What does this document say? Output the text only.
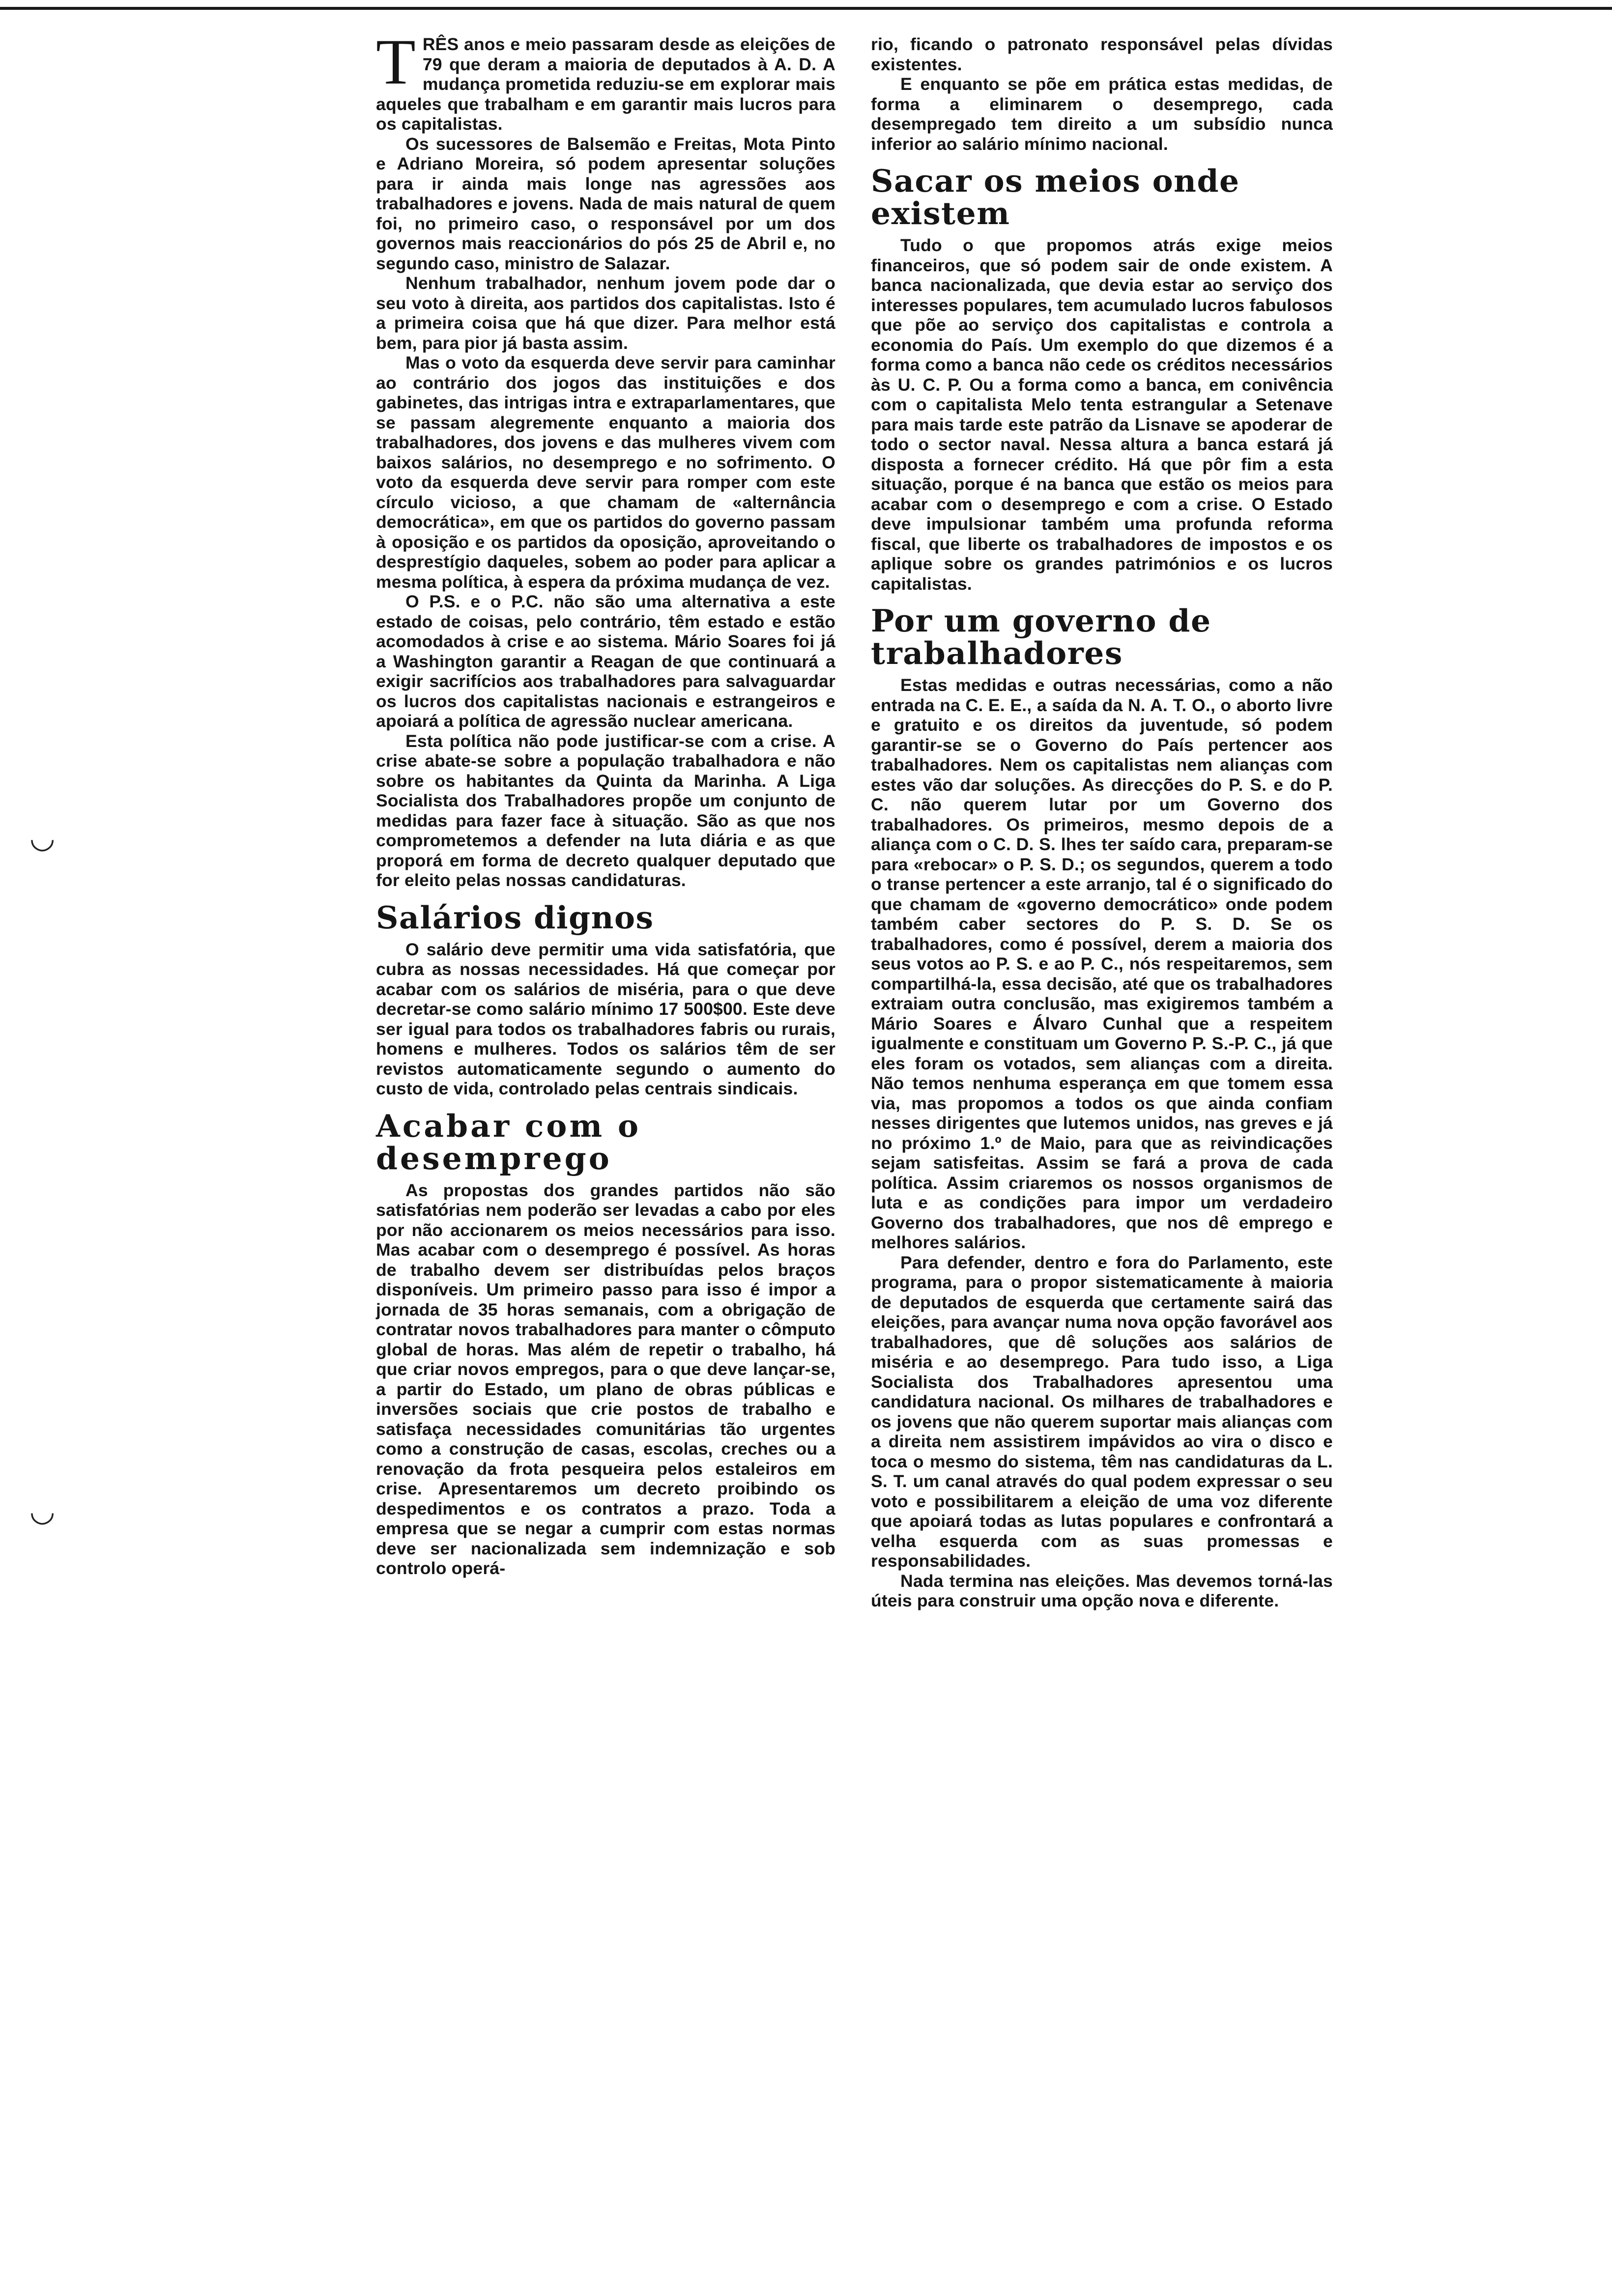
◡
◡

TRÊS anos e meio passaram desde as eleições de 79 que deram a maioria de deputados à A. D. A mudança prometida reduziu-se em explorar mais aqueles que trabalham e em garantir mais lucros para os capitalistas.

Os sucessores de Balsemão e Freitas, Mota Pinto e Adriano Moreira, só podem apresentar soluções para ir ainda mais longe nas agressões aos trabalhadores e jovens. Nada de mais natural de quem foi, no primeiro caso, o responsável por um dos governos mais reaccionários do pós 25 de Abril e, no segundo caso, ministro de Salazar.

Nenhum trabalhador, nenhum jovem pode dar o seu voto à direita, aos partidos dos capitalistas. Isto é a primeira coisa que há que dizer. Para melhor está bem, para pior já basta assim.

Mas o voto da esquerda deve servir para caminhar ao contrário dos jogos das instituições e dos gabinetes, das intrigas intra e extraparlamentares, que se passam alegremente enquanto a maioria dos trabalhadores, dos jovens e das mulheres vivem com baixos salários, no desemprego e no sofrimento. O voto da esquerda deve servir para romper com este círculo vicioso, a que chamam de «alternância democrática», em que os partidos do governo passam à oposição e os partidos da oposição, aproveitando o desprestígio daqueles, sobem ao poder para aplicar a mesma política, à espera da próxima mudança de vez.

O P.S. e o P.C. não são uma alternativa a este estado de coisas, pelo contrário, têm estado e estão acomodados à crise e ao sistema. Mário Soares foi já a Washington garantir a Reagan de que continuará a exigir sacrifícios aos trabalhadores para salvaguardar os lucros dos capitalistas nacionais e estrangeiros e apoiará a política de agressão nuclear americana.

Esta política não pode justificar-se com a crise. A crise abate-se sobre a população trabalhadora e não sobre os habitantes da Quinta da Marinha. A Liga Socialista dos Trabalhadores propõe um conjunto de medidas para fazer face à situação. São as que nos comprometemos a defender na luta diária e as que proporá em forma de decreto qualquer deputado que for eleito pelas nossas candidaturas.

Salários dignos

O salário deve permitir uma vida satisfatória, que cubra as nossas necessidades. Há que começar por acabar com os salários de miséria, para o que deve decretar-se como salário mínimo 17 500$00. Este deve ser igual para todos os trabalhadores fabris ou rurais, homens e mulheres. Todos os salários têm de ser revistos automaticamente segundo o aumento do custo de vida, controlado pelas centrais sindicais.

Acabar com o desemprego

As propostas dos grandes partidos não são satisfatórias nem poderão ser levadas a cabo por eles por não accionarem os meios necessários para isso. Mas acabar com o desemprego é possível. As horas de trabalho devem ser distribuídas pelos braços disponíveis. Um primeiro passo para isso é impor a jornada de 35 horas semanais, com a obrigação de contratar novos trabalhadores para manter o cômputo global de horas. Mas além de repetir o trabalho, há que criar novos empregos, para o que deve lançar-se, a partir do Estado, um plano de obras públicas e inversões sociais que crie postos de trabalho e satisfaça necessidades comunitárias tão urgentes como a construção de casas, escolas, creches ou a renovação da frota pesqueira pelos estaleiros em crise. Apresentaremos um decreto proibindo os despedimentos e os contratos a prazo. Toda a empresa que se negar a cumprir com estas normas deve ser nacionalizada sem indemnização e sob controlo operá-

rio, ficando o patronato responsável pelas dívidas existentes.

E enquanto se põe em prática estas medidas, de forma a eliminarem o desemprego, cada desempregado tem direito a um subsídio nunca inferior ao salário mínimo nacional.

Sacar os meios onde existem

Tudo o que propomos atrás exige meios financeiros, que só podem sair de onde existem. A banca nacionalizada, que devia estar ao serviço dos interesses populares, tem acumulado lucros fabulosos que põe ao serviço dos capitalistas e controla a economia do País. Um exemplo do que dizemos é a forma como a banca não cede os créditos necessários às U. C. P. Ou a forma como a banca, em conivência com o capitalista Melo tenta estrangular a Setenave para mais tarde este patrão da Lisnave se apoderar de todo o sector naval. Nessa altura a banca estará já disposta a fornecer crédito. Há que pôr fim a esta situação, porque é na banca que estão os meios para acabar com o desemprego e com a crise. O Estado deve impulsionar também uma profunda reforma fiscal, que liberte os trabalhadores de impostos e os aplique sobre os grandes patrimónios e os lucros capitalistas.

Por um governo de trabalhadores

Estas medidas e outras necessárias, como a não entrada na C. E. E., a saída da N. A. T. O., o aborto livre e gratuito e os direitos da juventude, só podem garantir-se se o Governo do País pertencer aos trabalhadores. Nem os capitalistas nem alianças com estes vão dar soluções. As direcções do P. S. e do P. C. não querem lutar por um Governo dos trabalhadores. Os primeiros, mesmo depois de a aliança com o C. D. S. lhes ter saído cara, preparam-se para «rebocar» o P. S. D.; os segundos, querem a todo o transe pertencer a este arranjo, tal é o significado do que chamam de «governo democrático» onde podem também caber sectores do P. S. D. Se os trabalhadores, como é possível, derem a maioria dos seus votos ao P. S. e ao P. C., nós respeitaremos, sem compartilhá-la, essa decisão, até que os trabalhadores extraiam outra conclusão, mas exigiremos também a Mário Soares e Álvaro Cunhal que a respeitem igualmente e constituam um Governo P. S.-P. C., já que eles foram os votados, sem alianças com a direita. Não temos nenhuma esperança em que tomem essa via, mas propomos a todos os que ainda confiam nesses dirigentes que lutemos unidos, nas greves e já no próximo 1.º de Maio, para que as reivindicações sejam satisfeitas. Assim se fará a prova de cada política. Assim criaremos os nossos organismos de luta e as condições para impor um verdadeiro Governo dos trabalhadores, que nos dê emprego e melhores salários.

Para defender, dentro e fora do Parlamento, este programa, para o propor sistematicamente à maioria de deputados de esquerda que certamente sairá das eleições, para avançar numa nova opção favorável aos trabalhadores, que dê soluções aos salários de miséria e ao desemprego. Para tudo isso, a Liga Socialista dos Trabalhadores apresentou uma candidatura nacional. Os milhares de trabalhadores e os jovens que não querem suportar mais alianças com a direita nem assistirem impávidos ao vira o disco e toca o mesmo do sistema, têm nas candidaturas da L. S. T. um canal através do qual podem expressar o seu voto e possibilitarem a eleição de uma voz diferente que apoiará todas as lutas populares e confrontará a velha esquerda com as suas promessas e responsabilidades.

Nada termina nas eleições. Mas devemos torná-las úteis para construir uma opção nova e diferente.
